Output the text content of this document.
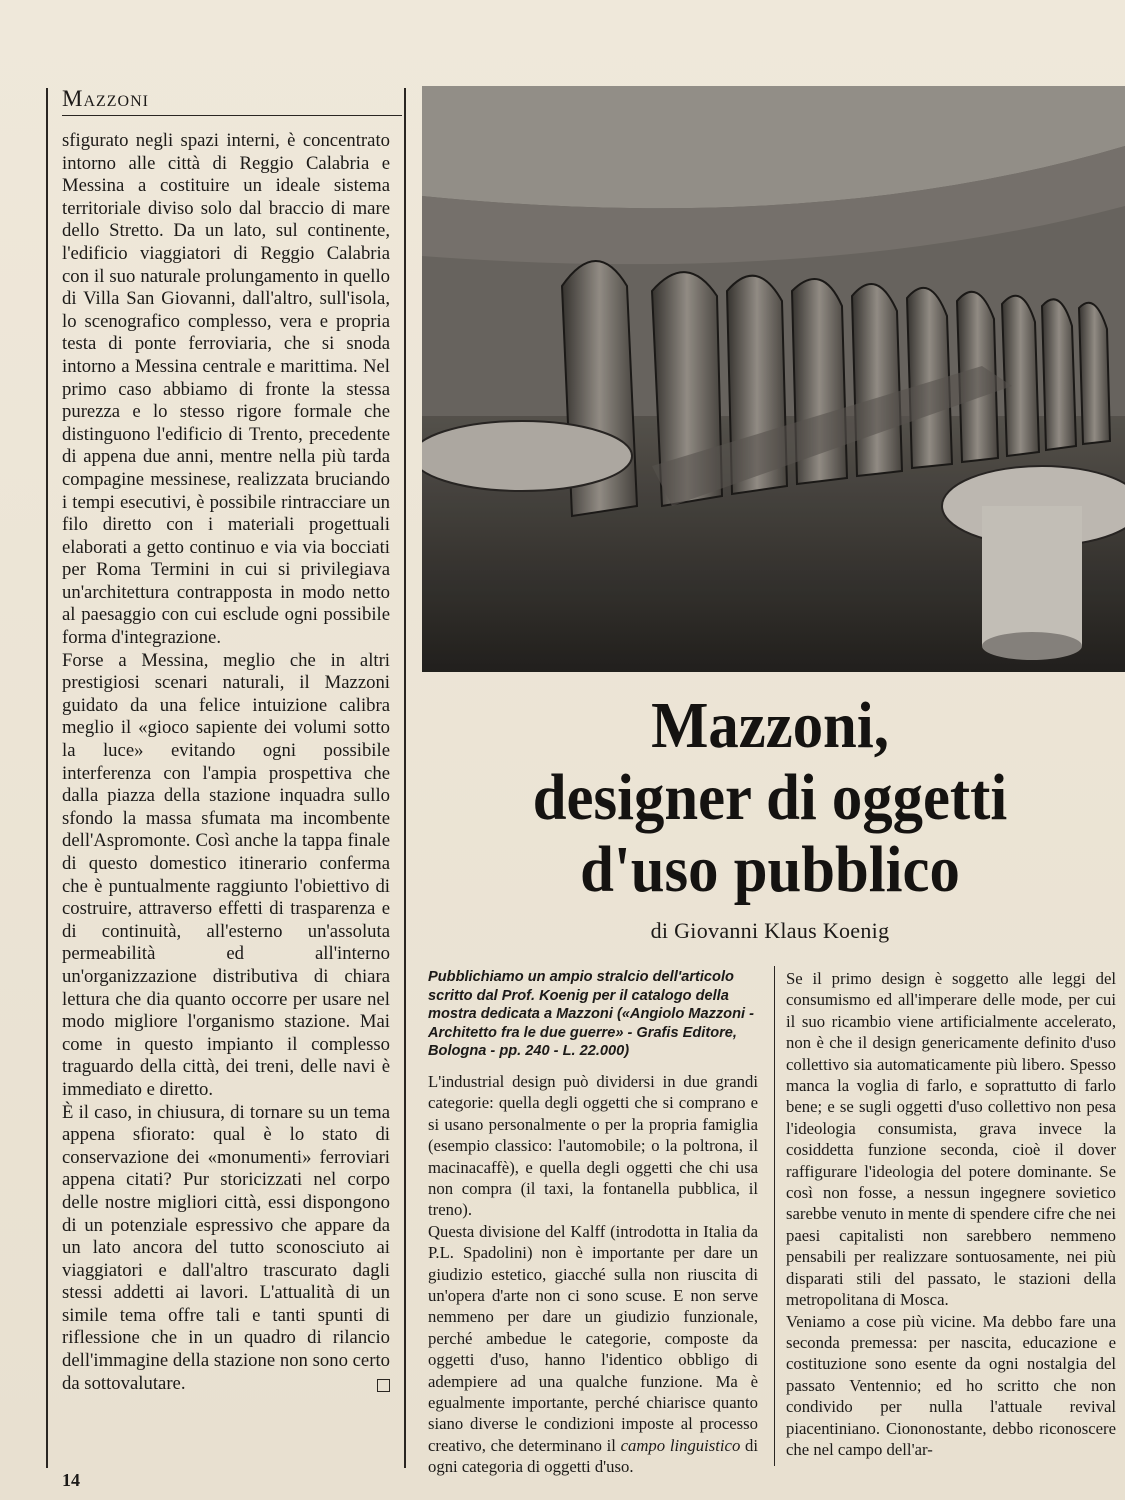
Mazzoni

sfigurato negli spazi interni, è concentrato intorno alle città di Reggio Calabria e Messina a costituire un ideale sistema territoriale diviso solo dal braccio di mare dello Stretto. Da un lato, sul continente, l'edificio viaggiatori di Reggio Calabria con il suo naturale prolungamento in quello di Villa San Giovanni, dall'altro, sull'isola, lo scenografico complesso, vera e propria testa di ponte ferroviaria, che si snoda intorno a Messina centrale e marittima. Nel primo caso abbiamo di fronte la stessa purezza e lo stesso rigore formale che distinguono l'edificio di Trento, precedente di appena due anni, mentre nella più tarda compagine messinese, realizzata bruciando i tempi esecutivi, è possibile rintracciare un filo diretto con i materiali progettuali elaborati a getto continuo e via via bocciati per Roma Termini in cui si privilegiava un'architettura contrapposta in modo netto al paesaggio con cui esclude ogni possibile forma d'integrazione.

Forse a Messina, meglio che in altri prestigiosi scenari naturali, il Mazzoni guidato da una felice intuizione calibra meglio il «gioco sapiente dei volumi sotto la luce» evitando ogni possibile interferenza con l'ampia prospettiva che dalla piazza della stazione inquadra sullo sfondo la massa sfumata ma incombente dell'Aspromonte. Così anche la tappa finale di questo domestico itinerario conferma che è puntualmente raggiunto l'obiettivo di costruire, attraverso effetti di trasparenza e di continuità, all'esterno un'assoluta permeabilità ed all'interno un'organizzazione distributiva di chiara lettura che dia quanto occorre per usare nel modo migliore l'organismo stazione. Mai come in questo impianto il complesso traguardo della città, dei treni, delle navi è immediato e diretto.

È il caso, in chiusura, di tornare su un tema appena sfiorato: qual è lo stato di conservazione dei «monumenti» ferroviari appena citati? Pur storicizzati nel corpo delle nostre migliori città, essi dispongono di un potenziale espressivo che appare da un lato ancora del tutto sconosciuto ai viaggiatori e dall'altro trascurato dagli stessi addetti ai lavori. L'attualità di un simile tema offre tali e tanti spunti di riflessione che in un quadro di rilancio dell'immagine della stazione non sono certo da sottovalutare.

Mazzoni,
designer di oggetti
d'uso pubblico
di Giovanni Klaus Koenig

Pubblichiamo un ampio stralcio dell'articolo scritto dal Prof. Koenig per il catalogo della mostra dedicata a Mazzoni («Angiolo Mazzoni - Architetto fra le due guerre» - Grafis Editore, Bologna - pp. 240 - L. 22.000)

L'industrial design può dividersi in due grandi categorie: quella degli oggetti che si comprano e si usano personalmente o per la propria famiglia (esempio classico: l'automobile; o la poltrona, il macinacaffè), e quella degli oggetti che chi usa non compra (il taxi, la fontanella pubblica, il treno).

Questa divisione del Kalff (introdotta in Italia da P.L. Spadolini) non è importante per dare un giudizio estetico, giacché sulla non riuscita di un'opera d'arte non ci sono scuse. E non serve nemmeno per dare un giudizio funzionale, perché ambedue le categorie, composte da oggetti d'uso, hanno l'identico obbligo di adempiere ad una qualche funzione. Ma è egualmente importante, perché chiarisce quanto siano diverse le condizioni imposte al processo creativo, che determinano il campo linguistico di ogni categoria di oggetti d'uso.

Se il primo design è soggetto alle leggi del consumismo ed all'imperare delle mode, per cui il suo ricambio viene artificialmente accelerato, non è che il design genericamente definito d'uso collettivo sia automaticamente più libero. Spesso manca la voglia di farlo, e soprattutto di farlo bene; e se sugli oggetti d'uso collettivo non pesa l'ideologia consumista, grava invece la cosiddetta funzione seconda, cioè il dover raffigurare l'ideologia del potere dominante. Se così non fosse, a nessun ingegnere sovietico sarebbe venuto in mente di spendere cifre che nei paesi capitalisti non sarebbero nemmeno pensabili per realizzare sontuosamente, nei più disparati stili del passato, le stazioni della metropolitana di Mosca.

Veniamo a cose più vicine. Ma debbo fare una seconda premessa: per nascita, educazione e costituzione sono esente da ogni nostalgia del passato Ventennio; ed ho scritto che non condivido per nulla l'attuale revival piacentiniano. Ciononostante, debbo riconoscere che nel campo dell'ar-

14
